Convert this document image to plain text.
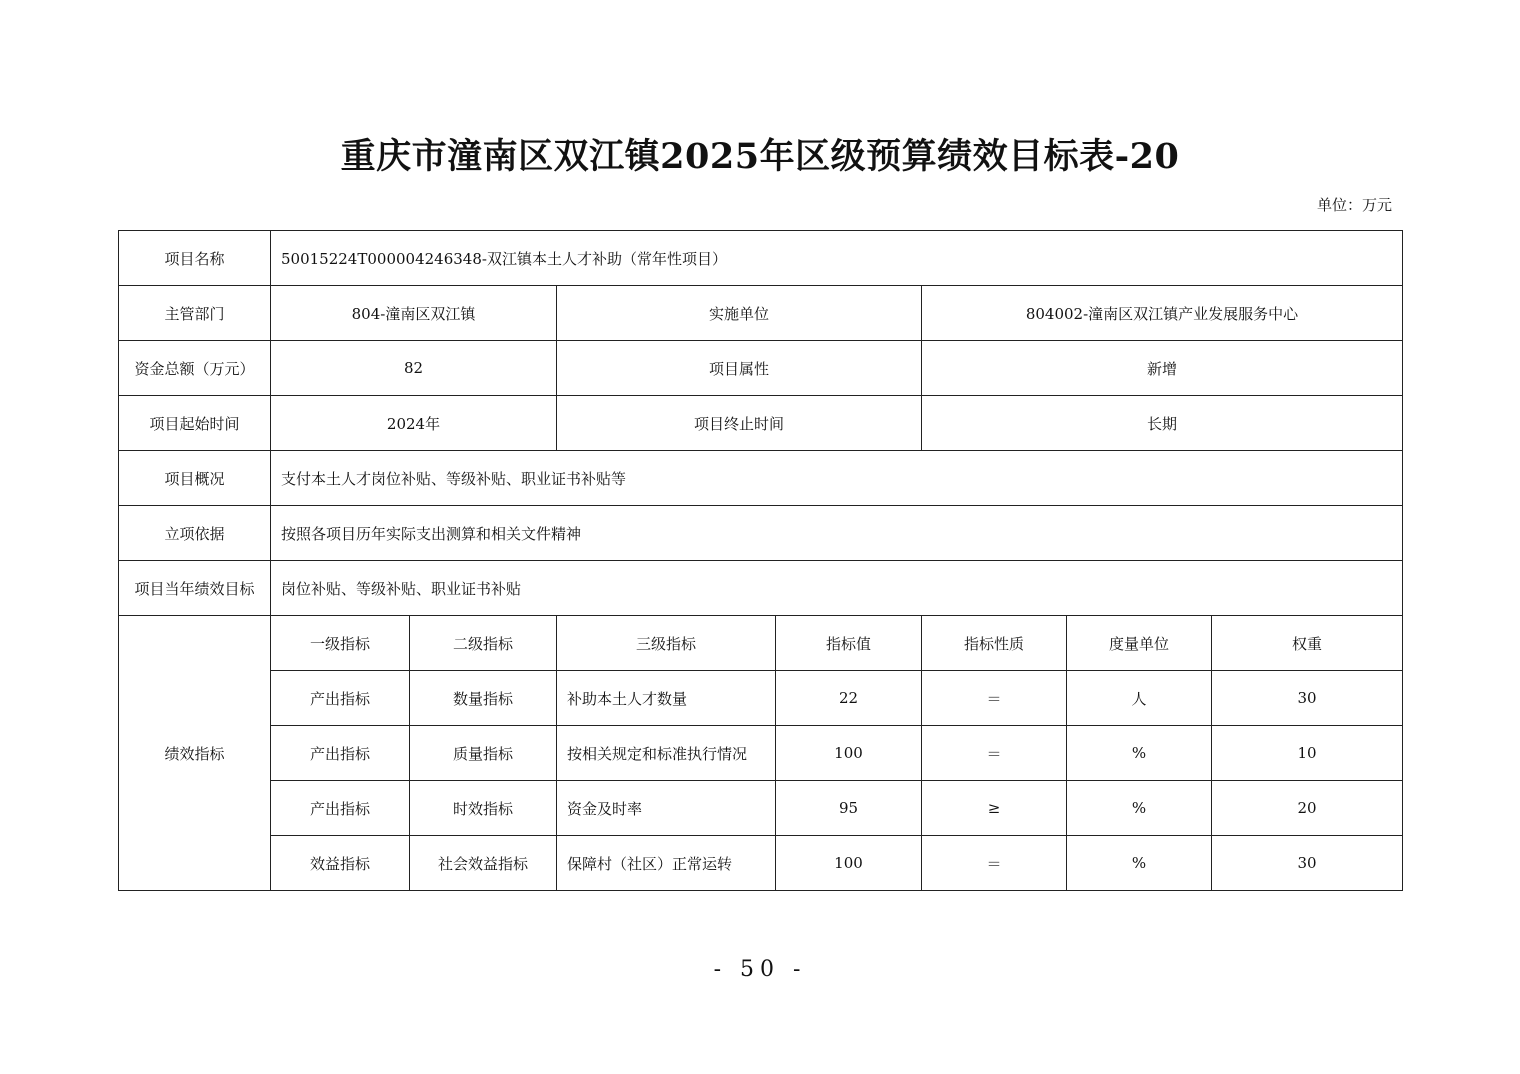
重庆市潼南区双江镇2025年区级预算绩效目标表-20
单位：万元
项目名称	50015224T000004246348-双江镇本土人才补助（常年性项目）						
主管部门	804-潼南区双江镇		实施单位		804002-潼南区双江镇产业发展服务中心		
资金总额（万元）	82		项目属性		新增		
项目起始时间	2024年		项目终止时间		长期		
项目概况	支付本土人才岗位补贴、等级补贴、职业证书补贴等						
立项依据	按照各项目历年实际支出测算和相关文件精神						
项目当年绩效目标	岗位补贴、等级补贴、职业证书补贴						
绩效指标	一级指标	二级指标	三级指标	指标值	指标性质	度量单位	权重
	产出指标	数量指标	补助本土人才数量	22	＝	人	30
	产出指标	质量指标	按相关规定和标准执行情况	100	＝	%	10
	产出指标	时效指标	资金及时率	95	≥	%	20
	效益指标	社会效益指标	保障村（社区）正常运转	100	＝	%	30
- 50 -
